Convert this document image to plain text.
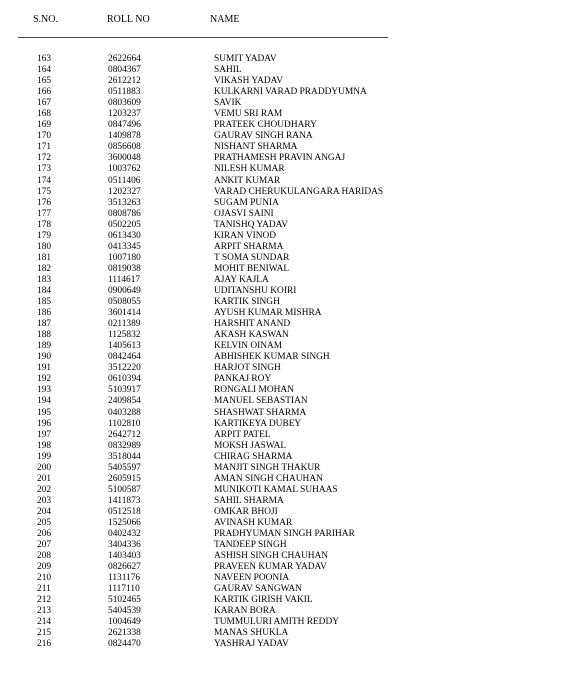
S.NO.	ROLL NO	NAME
163	2622664	SUMIT YADAV
164	0804367	SAHIL
165	2612212	VIKASH YADAV
166	0511883	KULKARNI VARAD PRADDYUMNA
167	0803609	SAVIK
168	1203237	VEMU SRI RAM
169	0847496	PRATEEK CHOUDHARY
170	1409878	GAURAV SINGH RANA
171	0856608	NISHANT SHARMA
172	3600048	PRATHAMESH PRAVIN ANGAJ
173	1003762	NILESH KUMAR
174	0511406	ANKIT KUMAR
175	1202327	VARAD CHERUKULANGARA HARIDAS
176	3513263	SUGAM PUNIA
177	0808786	OJASVI SAINI
178	0502205	TANISHQ YADAV
179	0613430	KIRAN VINOD
180	0413345	ARPIT SHARMA
181	1007180	T SOMA SUNDAR
182	0819038	MOHIT BENIWAL
183	1114617	AJAY KAJLA
184	0900649	UDITANSHU KOIRI
185	0508055	KARTIK SINGH
186	3601414	AYUSH KUMAR MISHRA
187	0211389	HARSHIT ANAND
188	1125832	AKASH KASWAN
189	1405613	KELVIN OINAM
190	0842464	ABHISHEK KUMAR SINGH
191	3512220	HARJOT SINGH
192	0610394	PANKAJ ROY
193	5103917	RONGALI MOHAN
194	2409854	MANUEL SEBASTIAN
195	0403288	SHASHWAT SHARMA
196	1102810	KARTIKEYA DUBEY
197	2642712	ARPIT PATEL
198	0832989	MOKSH JASWAL
199	3518044	CHIRAG SHARMA
200	5405597	MANJIT SINGH THAKUR
201	2605915	AMAN SINGH CHAUHAN
202	5100587	MUNIKOTI KAMAL SUHAAS
203	1411873	SAHIL SHARMA
204	0512518	OMKAR BHOJI
205	1525066	AVINASH KUMAR
206	0402432	PRADHYUMAN SINGH PARIHAR
207	3404336	TANDEEP SINGH
208	1403403	ASHISH SINGH CHAUHAN
209	0826627	PRAVEEN KUMAR YADAV
210	1131176	NAVEEN POONIA
211	1117110	GAURAV SANGWAN
212	5102465	KARTIK GIRISH VAKIL
213	5404539	KARAN BORA
214	1004649	TUMMULURI AMITH REDDY
215	2621338	MANAS SHUKLA
216	0824470	YASHRAJ YADAV
